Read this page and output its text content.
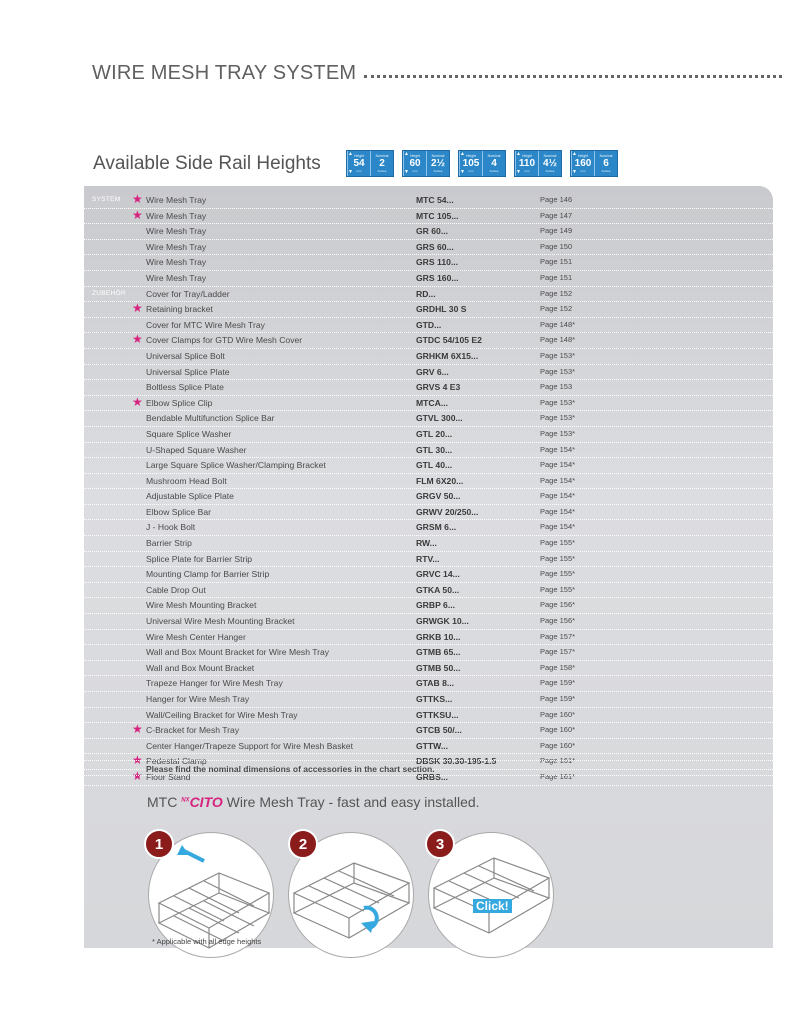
WIRE MESH TRAY SYSTEM
Available Side Rail Heights	▲
▼
Height
54
mm
Nominal
2
Inches
▲
▼
Height
60
mm
Nominal
2½
Inches
▲
▼
Height
105
mm
Nominal
4
Inches
▲
▼
Height
110
mm
Nominal
4½
Inches
▲
▼
Height
160
mm
Nominal
6
Inches
SYSTEM ★ Wire Mesh Tray	MTC 54...	Page 146
★ Wire Mesh Tray	MTC 105...	Page 147
Wire Mesh Tray	GR 60...	Page 149
Wire Mesh Tray	GRS 60...	Page 150
Wire Mesh Tray	GRS 110...	Page 151
Wire Mesh Tray	GRS 160...	Page 151
ZUBEHÖR Cover for Tray/Ladder	RD...	Page 152
★ Retaining bracket	GRDHL 30 S	Page 152
Cover for MTC Wire Mesh Tray	GTD...	Page 148*
★ Cover Clamps for GTD Wire Mesh Cover	GTDC 54/105 E2	Page 148*
Universal Splice Bolt	GRHKM 6X15...	Page 153*
Universal Splice Plate	GRV 6...	Page 153*
Boltless Splice Plate	GRVS 4 E3	Page 153
★ Elbow Splice Clip	MTCA...	Page 153*
Bendable Multifunction Splice Bar	GTVL 300...	Page 153*
Square Splice Washer	GTL 20...	Page 153*
U-Shaped Square Washer	GTL 30...	Page 154*
Large Square Splice Washer/Clamping Bracket	GTL 40...	Page 154*
Mushroom Head Bolt	FLM 6X20...	Page 154*
Adjustable Splice Plate	GRGV 50...	Page 154*
Elbow Splice Bar	GRWV 20/250...	Page 154*
J - Hook Bolt	GRSM 6...	Page 154*
Barrier Strip	RW...	Page 155*
Splice Plate for Barrier Strip	RTV...	Page 155*
Mounting Clamp for Barrier Strip	GRVC 14...	Page 155*
Cable Drop Out	GTKA 50...	Page 155*
Wire Mesh Mounting Bracket	GRBP 6...	Page 156*
Universal Wire Mesh Mounting Bracket	GRWGK 10...	Page 156*
Wire Mesh Center Hanger	GRKB 10...	Page 157*
Wall and Box Mount Bracket for Wire Mesh Tray	GTMB 65...	Page 157*
Wall and Box Mount Bracket	GTMB 50...	Page 158*
Trapeze Hanger for Wire Mesh Tray	GTAB 8...	Page 159*
Hanger for Wire Mesh Tray	GTTKS...	Page 159*
Wall/Ceiling Bracket for Wire Mesh Tray	GTTKSU...	Page 160*
★ C-Bracket for Mesh Tray	GTCB 50/...	Page 160*
Center Hanger/Trapeze Support for Wire Mesh Basket	GTTW...	Page 160*
★ Pedestal Clamp	DBSK 30.30-195-1.5	Page 161*
★ Floor Stand	GRBS...	Page 161*
Please find the nominal dimensions of accessories in the chart section.
MTC $^{NX}$CITO Wire Mesh Tray - fast and easy installed.
1	2	3
Click!
* Applicable with all edge heights
